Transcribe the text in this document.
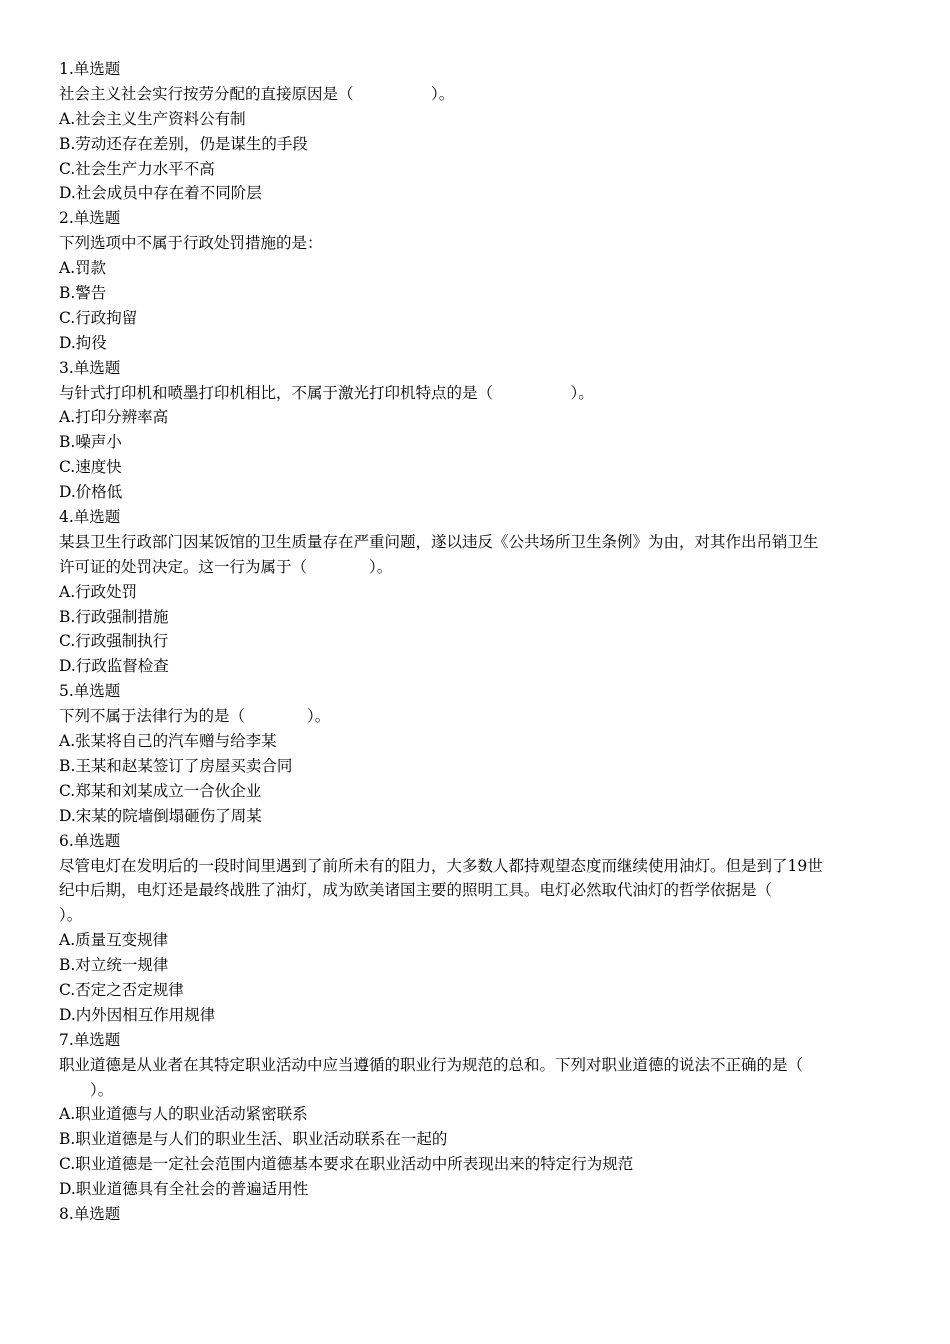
1.单选题
社会主义社会实行按劳分配的直接原因是（　　　　　）。
A.社会主义生产资料公有制
B.劳动还存在差别，仍是谋生的手段
C.社会生产力水平不高
D.社会成员中存在着不同阶层
2.单选题
下列选项中不属于行政处罚措施的是：
A.罚款
B.警告
C.行政拘留
D.拘役
3.单选题
与针式打印机和喷墨打印机相比，不属于激光打印机特点的是（　　　　　）。
A.打印分辨率高
B.噪声小
C.速度快
D.价格低
4.单选题
某县卫生行政部门因某饭馆的卫生质量存在严重问题，遂以违反《公共场所卫生条例》为由，对其作出吊销卫生
许可证的处罚决定。这一行为属于（　　　　）。
A.行政处罚
B.行政强制措施
C.行政强制执行
D.行政监督检查
5.单选题
下列不属于法律行为的是（　　　　）。
A.张某将自己的汽车赠与给李某
B.王某和赵某签订了房屋买卖合同
C.郑某和刘某成立一合伙企业
D.宋某的院墙倒塌砸伤了周某
6.单选题
尽管电灯在发明后的一段时间里遇到了前所未有的阻力，大多数人都持观望态度而继续使用油灯。但是到了19世
纪中后期，电灯还是最终战胜了油灯，成为欧美诸国主要的照明工具。电灯必然取代油灯的哲学依据是（
）。
A.质量互变规律
B.对立统一规律
C.否定之否定规律
D.内外因相互作用规律
7.单选题
职业道德是从业者在其特定职业活动中应当遵循的职业行为规范的总和。下列对职业道德的说法不正确的是（
　　）。
A.职业道德与人的职业活动紧密联系
B.职业道德是与人们的职业生活、职业活动联系在一起的
C.职业道德是一定社会范围内道德基本要求在职业活动中所表现出来的特定行为规范
D.职业道德具有全社会的普遍适用性
8.单选题
